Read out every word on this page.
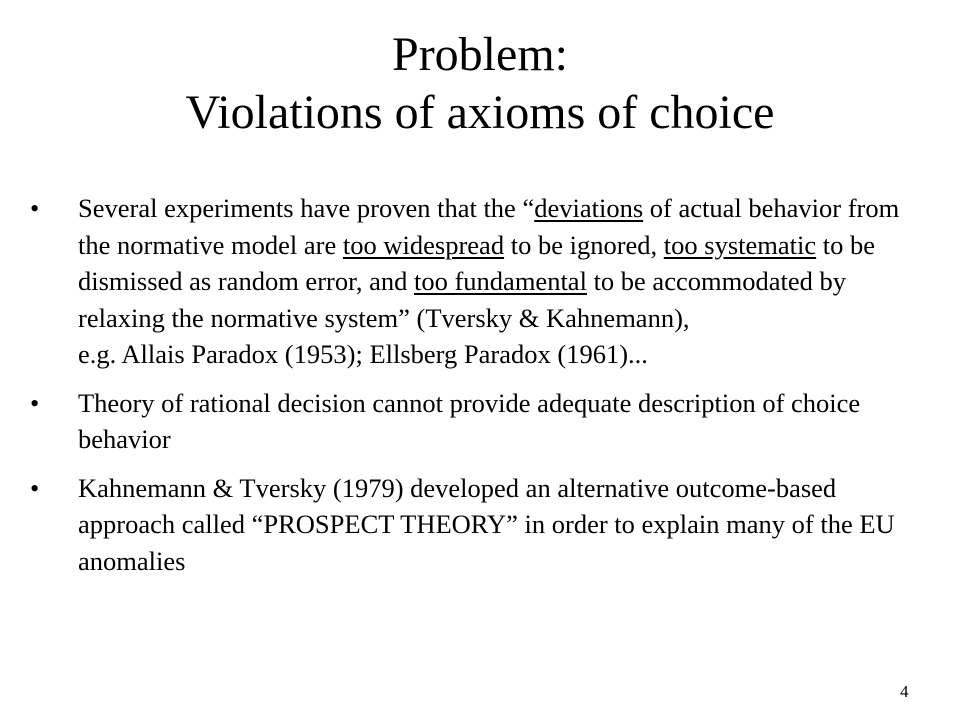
Problem:
Violations of axioms of choice
• Several experiments have proven that the “deviations of actual behavior from the normative model are too widespread to be ignored, too systematic to be dismissed as random error, and too fundamental to be accommodated by relaxing the normative system” (Tversky & Kahnemann),
e.g. Allais Paradox (1953); Ellsberg Paradox (1961)...
• Theory of rational decision cannot provide adequate description of choice behavior
• Kahnemann & Tversky (1979) developed an alternative outcome-based approach called “PROSPECT THEORY” in order to explain many of the EU anomalies
4
